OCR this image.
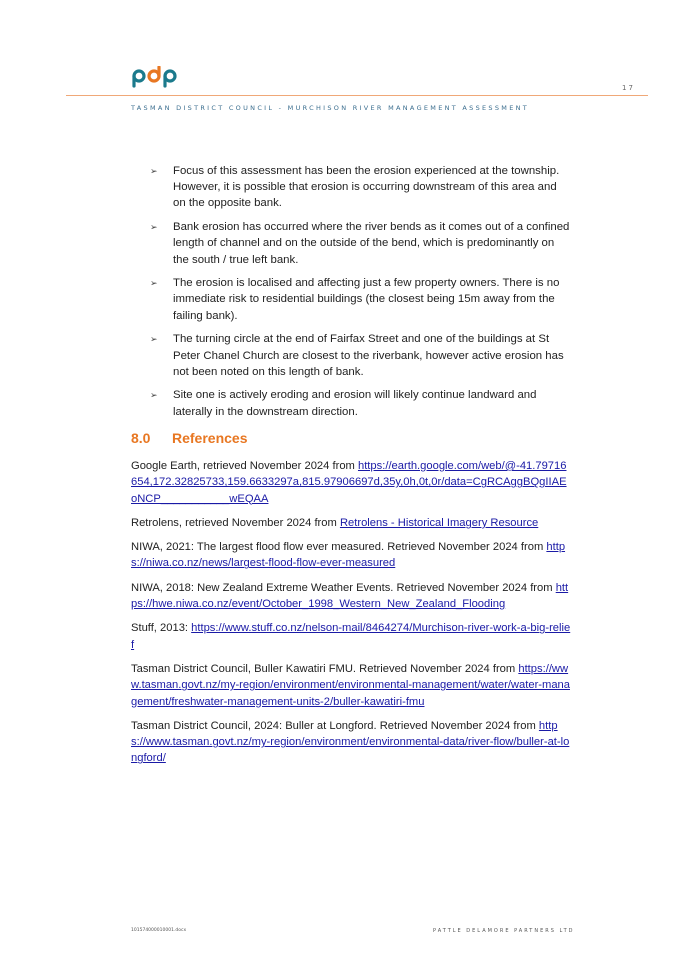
17
TASMAN DISTRICT COUNCIL - MURCHISON RIVER MANAGEMENT ASSESSMENT
➢ Focus of this assessment has been the erosion experienced at the township. However, it is possible that erosion is occurring downstream of this area and on the opposite bank.
➢ Bank erosion has occurred where the river bends as it comes out of a confined length of channel and on the outside of the bend, which is predominantly on the south / true left bank.
➢ The erosion is localised and affecting just a few property owners. There is no immediate risk to residential buildings (the closest being 15m away from the failing bank).
➢ The turning circle at the end of Fairfax Street and one of the buildings at St Peter Chanel Church are closest to the riverbank, however active erosion has not been noted on this length of bank.
➢ Site one is actively eroding and erosion will likely continue landward and laterally in the downstream direction.
8.0 References
Google Earth, retrieved November 2024 from https://earth.google.com/web/@-41.79716654,172.32825733,159.6633297a,815.97906697d,35y,0h,0t,0r/data=CgRCAggBQgIIAEoNCP___________wEQAA
Retrolens, retrieved November 2024 from Retrolens - Historical Imagery Resource
NIWA, 2021: The largest flood flow ever measured. Retrieved November 2024 from https://niwa.co.nz/news/largest-flood-flow-ever-measured
NIWA, 2018: New Zealand Extreme Weather Events. Retrieved November 2024 from https://hwe.niwa.co.nz/event/October_1998_Western_New_Zealand_Flooding
Stuff, 2013: https://www.stuff.co.nz/nelson-mail/8464274/Murchison-river-work-a-big-relief
Tasman District Council, Buller Kawatiri FMU. Retrieved November 2024 from https://www.tasman.govt.nz/my-region/environment/environmental-management/water/water-management/freshwater-management-units-2/buller-kawatiri-fmu
Tasman District Council, 2024: Buller at Longford. Retrieved November 2024 from https://www.tasman.govt.nz/my-region/environment/environmental-data/river-flow/buller-at-longford/
101574000010001.docx	PATTLE DELAMORE PARTNERS LTD
